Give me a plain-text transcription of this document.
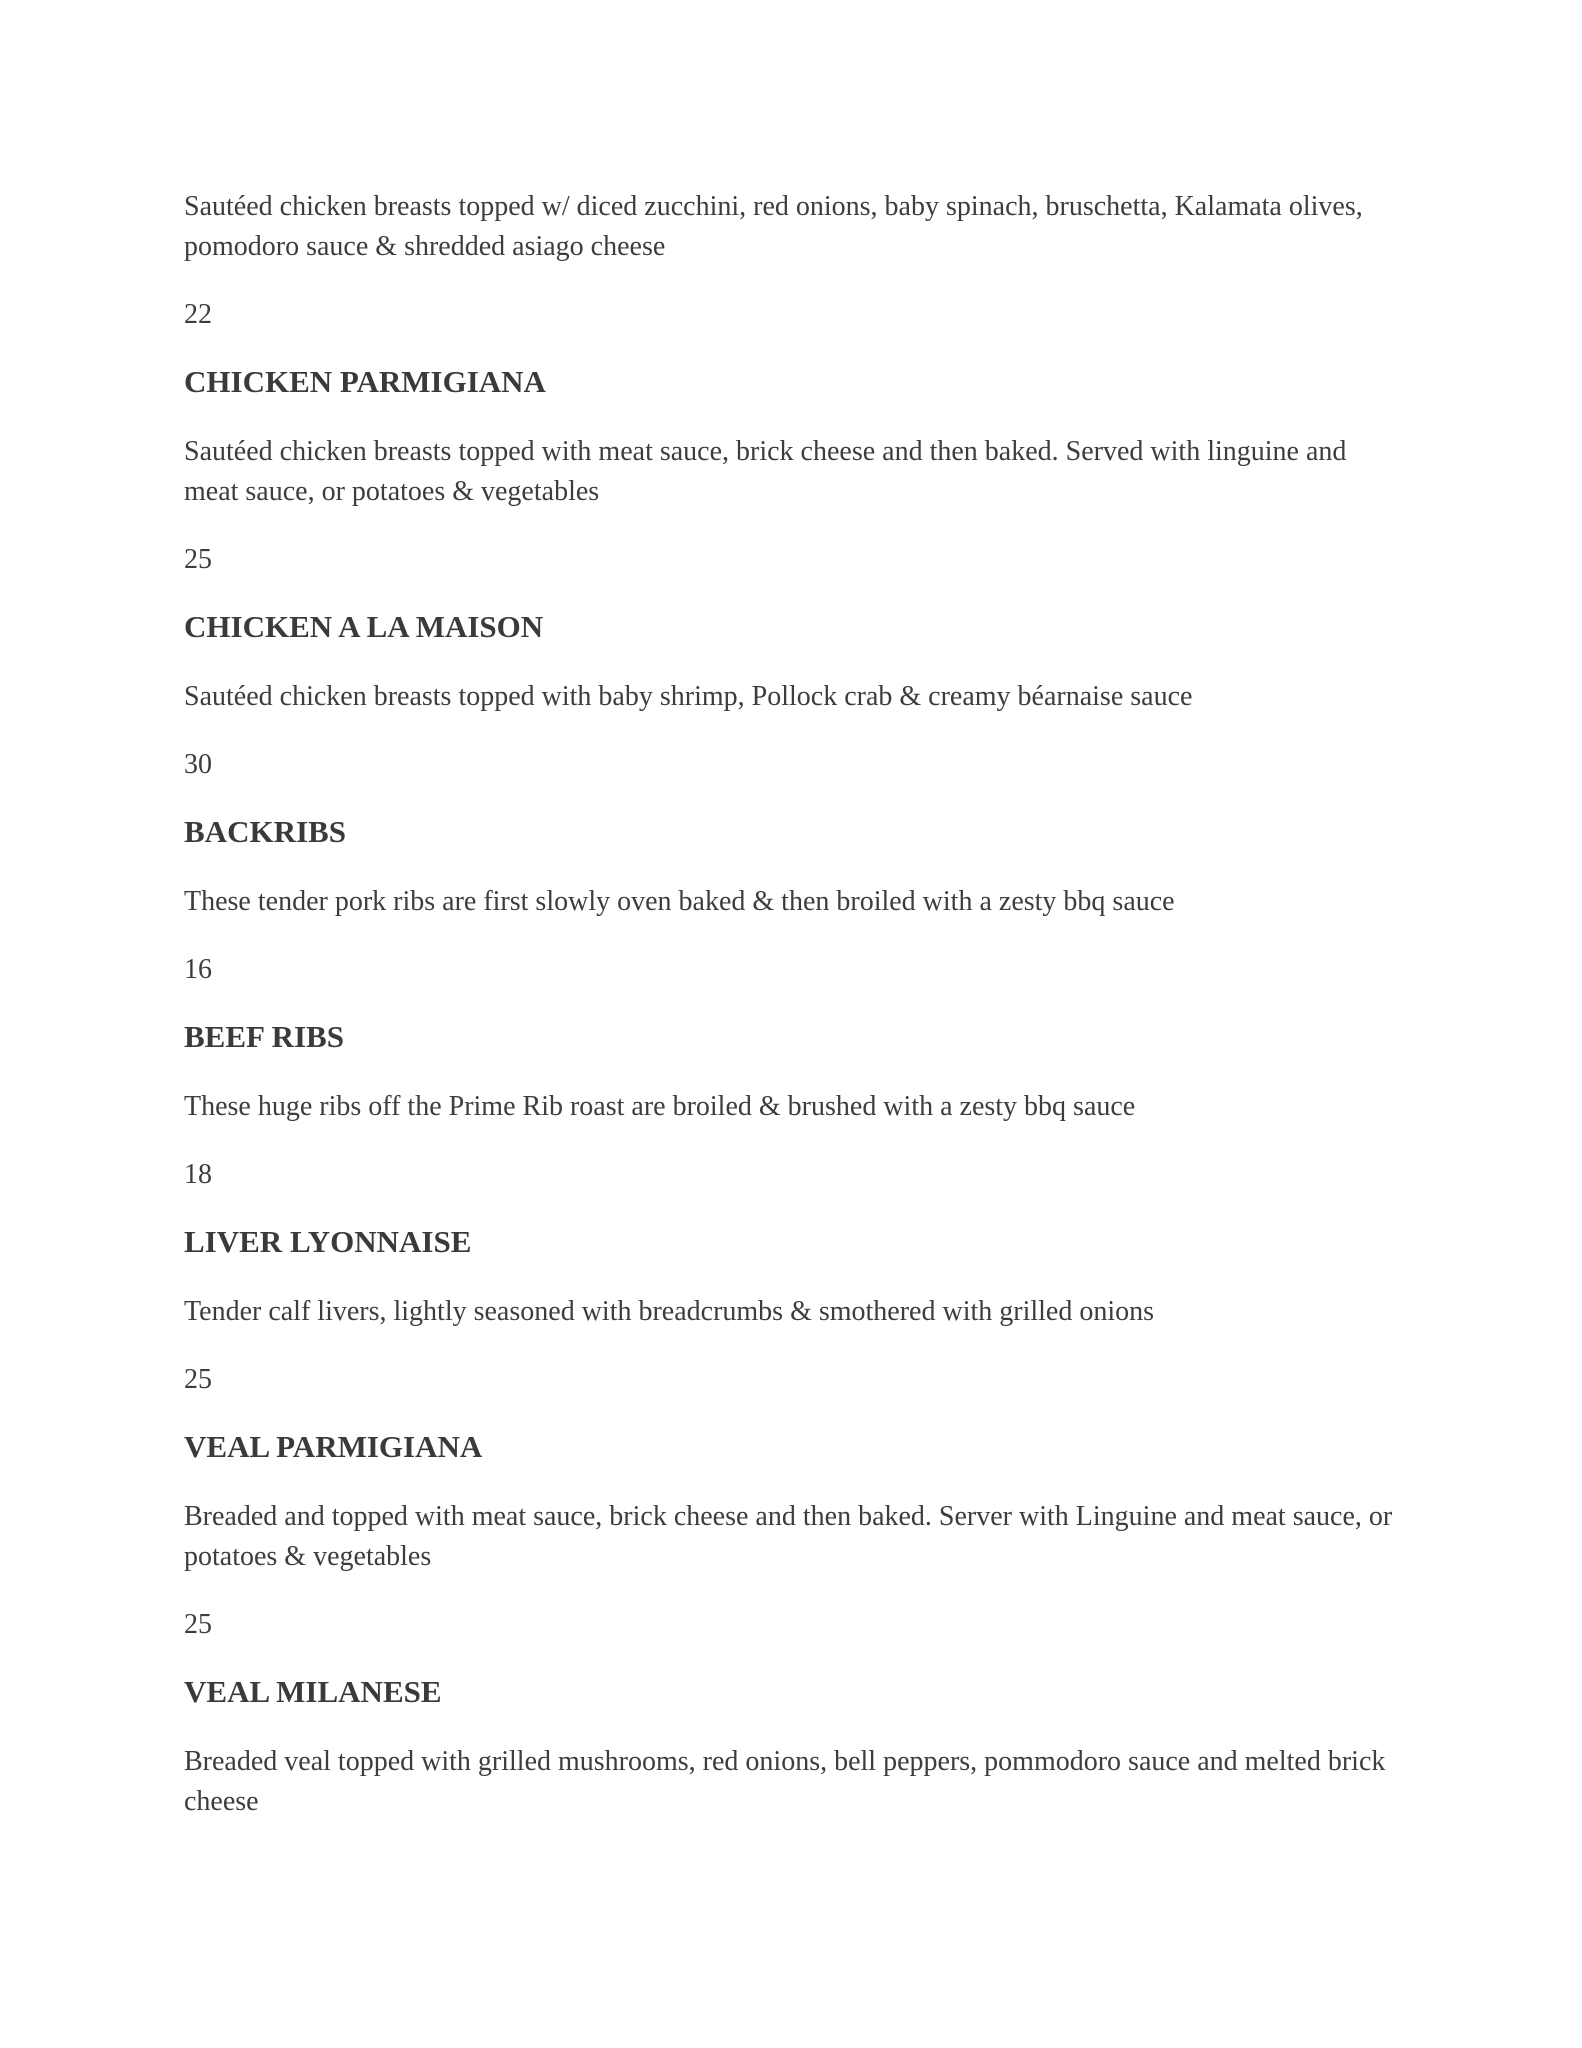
Sautéed chicken breasts topped w/ diced zucchini, red onions, baby spinach, bruschetta, Kalamata olives, pomodoro sauce & shredded asiago cheese

22

CHICKEN PARMIGIANA

Sautéed chicken breasts topped with meat sauce, brick cheese and then baked. Served with linguine and meat sauce, or potatoes & vegetables

25

CHICKEN A LA MAISON

Sautéed chicken breasts topped with baby shrimp, Pollock crab & creamy béarnaise sauce

30

BACKRIBS

These tender pork ribs are first slowly oven baked & then broiled with a zesty bbq sauce

16

BEEF RIBS

These huge ribs off the Prime Rib roast are broiled & brushed with a zesty bbq sauce

18

LIVER LYONNAISE

Tender calf livers, lightly seasoned with breadcrumbs & smothered with grilled onions

25

VEAL PARMIGIANA

Breaded and topped with meat sauce, brick cheese and then baked. Server with Linguine and meat sauce, or potatoes & vegetables

25

VEAL MILANESE

Breaded veal topped with grilled mushrooms, red onions, bell peppers, pommodoro sauce and melted brick cheese
